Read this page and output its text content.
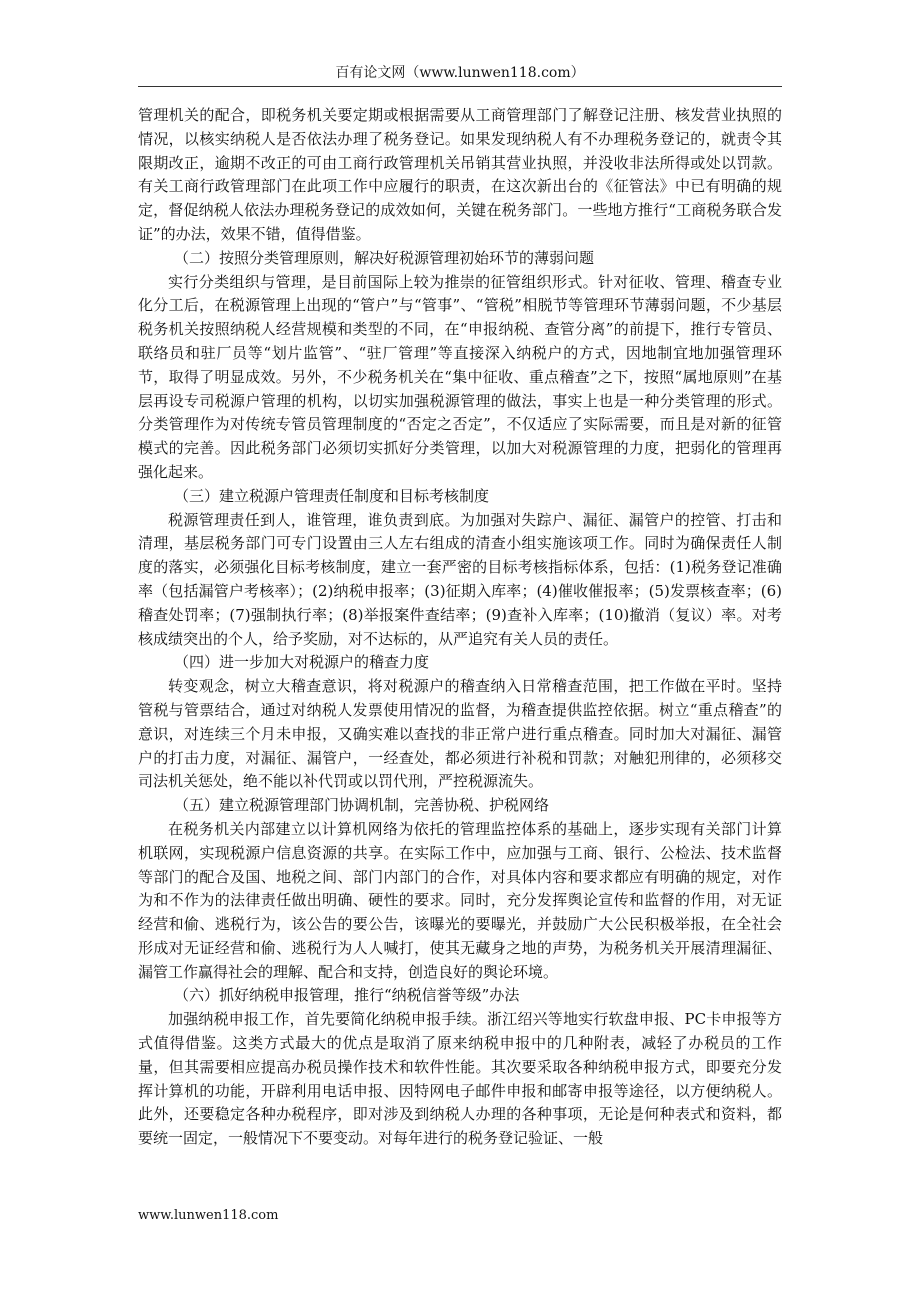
百有论文网（www.lunwen118.com）

管理机关的配合，即税务机关要定期或根据需要从工商管理部门了解登记注册、核发营业执照的情况，以核实纳税人是否依法办理了税务登记。如果发现纳税人有不办理税务登记的，就责令其限期改正，逾期不改正的可由工商行政管理机关吊销其营业执照，并没收非法所得或处以罚款。有关工商行政管理部门在此项工作中应履行的职责，在这次新出台的《征管法》中已有明确的规定，督促纳税人依法办理税务登记的成效如何，关键在税务部门。一些地方推行“工商税务联合发证”的办法，效果不错，值得借鉴。

（二）按照分类管理原则，解决好税源管理初始环节的薄弱问题

实行分类组织与管理，是目前国际上较为推崇的征管组织形式。针对征收、管理、稽查专业化分工后，在税源管理上出现的“管户”与“管事”、“管税”相脱节等管理环节薄弱问题，不少基层税务机关按照纳税人经营规模和类型的不同，在“申报纳税、查管分离”的前提下，推行专管员、联络员和驻厂员等“划片监管”、“驻厂管理”等直接深入纳税户的方式，因地制宜地加强管理环节，取得了明显成效。另外，不少税务机关在“集中征收、重点稽查”之下，按照“属地原则”在基层再设专司税源户管理的机构，以切实加强税源管理的做法，事实上也是一种分类管理的形式。分类管理作为对传统专管员管理制度的“否定之否定”，不仅适应了实际需要，而且是对新的征管模式的完善。因此税务部门必须切实抓好分类管理，以加大对税源管理的力度，把弱化的管理再强化起来。

（三）建立税源户管理责任制度和目标考核制度

税源管理责任到人，谁管理，谁负责到底。为加强对失踪户、漏征、漏管户的控管、打击和清理，基层税务部门可专门设置由三人左右组成的清查小组实施该项工作。同时为确保责任人制度的落实，必须强化目标考核制度，建立一套严密的目标考核指标体系，包括：(1)税务登记准确率（包括漏管户考核率）；(2)纳税申报率；(3)征期入库率；(4)催收催报率；(5)发票核查率；(6)稽查处罚率；(7)强制执行率；(8)举报案件查结率；(9)查补入库率；(10)撤消（复议）率。对考核成绩突出的个人，给予奖励，对不达标的，从严追究有关人员的责任。

（四）进一步加大对税源户的稽查力度

转变观念，树立大稽查意识，将对税源户的稽查纳入日常稽查范围，把工作做在平时。坚持管税与管票结合，通过对纳税人发票使用情况的监督，为稽查提供监控依据。树立“重点稽查”的意识，对连续三个月未申报，又确实难以查找的非正常户进行重点稽查。同时加大对漏征、漏管户的打击力度，对漏征、漏管户，一经查处，都必须进行补税和罚款；对触犯刑律的，必须移交司法机关惩处，绝不能以补代罚或以罚代刑，严控税源流失。

（五）建立税源管理部门协调机制，完善协税、护税网络

在税务机关内部建立以计算机网络为依托的管理监控体系的基础上，逐步实现有关部门计算机联网，实现税源户信息资源的共享。在实际工作中，应加强与工商、银行、公检法、技术监督等部门的配合及国、地税之间、部门内部门的合作，对具体内容和要求都应有明确的规定，对作为和不作为的法律责任做出明确、硬性的要求。同时，充分发挥舆论宣传和监督的作用，对无证经营和偷、逃税行为，该公告的要公告，该曝光的要曝光，并鼓励广大公民积极举报，在全社会形成对无证经营和偷、逃税行为人人喊打，使其无藏身之地的声势，为税务机关开展清理漏征、漏管工作赢得社会的理解、配合和支持，创造良好的舆论环境。

（六）抓好纳税申报管理，推行“纳税信誉等级”办法

加强纳税申报工作，首先要简化纳税申报手续。浙江绍兴等地实行软盘申报、PC卡申报等方式值得借鉴。这类方式最大的优点是取消了原来纳税申报中的几种附表，减轻了办税员的工作量，但其需要相应提高办税员操作技术和软件性能。其次要采取各种纳税申报方式，即要充分发挥计算机的功能，开辟利用电话申报、因特网电子邮件申报和邮寄申报等途径，以方便纳税人。此外，还要稳定各种办税程序，即对涉及到纳税人办理的各种事项，无论是何种表式和资料，都要统一固定，一般情况下不要变动。对每年进行的税务登记验证、一般

www.lunwen118.com
